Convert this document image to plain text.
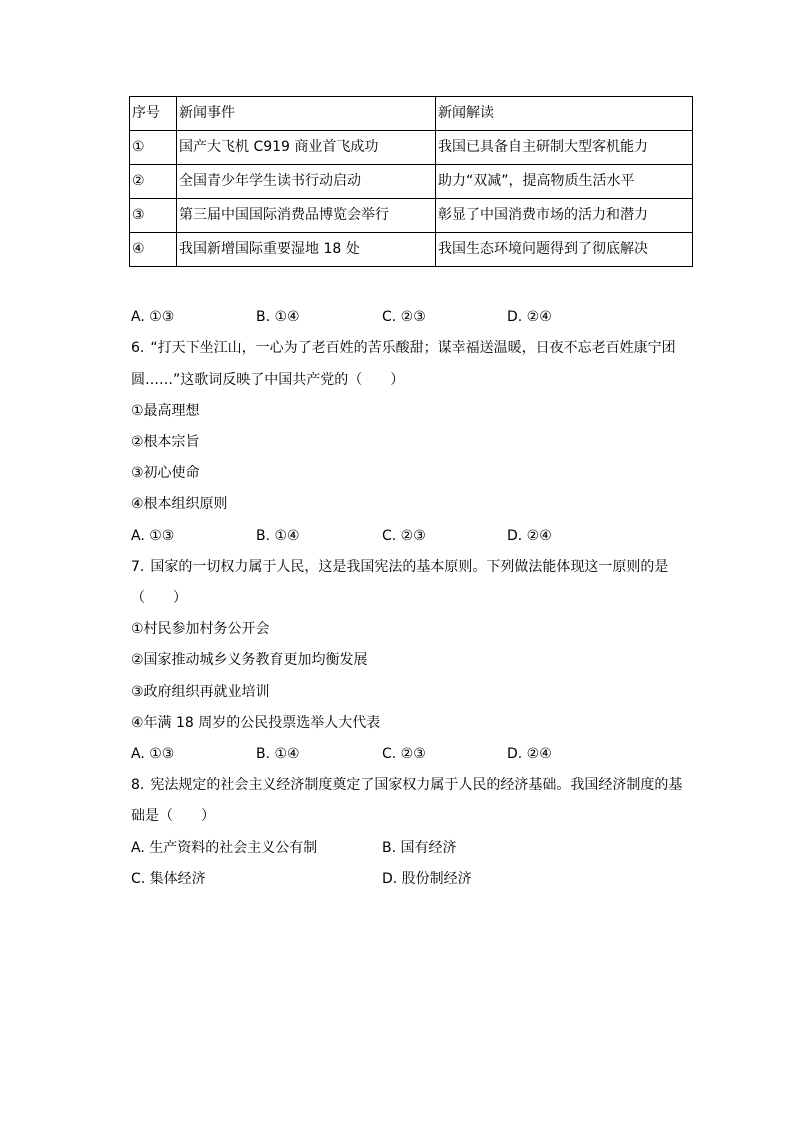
序号	新闻事件	新闻解读
①	国产大飞机 C919 商业首飞成功	我国已具备自主研制大型客机能力
②	全国青少年学生读书行动启动	助力“双减”，提高物质生活水平
③	第三届中国国际消费品博览会举行	彰显了中国消费市场的活力和潜力
④	我国新增国际重要湿地 18 处	我国生态环境问题得到了彻底解决
A. ①③	B. ①④	C. ②③	D. ②④
6. “打天下坐江山，一心为了老百姓的苦乐酸甜；谋幸福送温暖，日夜不忘老百姓康宁团
圆……”这歌词反映了中国共产党的（　　）
①最高理想
②根本宗旨
③初心使命
④根本组织原则
A. ①③	B. ①④	C. ②③	D. ②④
7. 国家的一切权力属于人民，这是我国宪法的基本原则。下列做法能体现这一原则的是
（　　）
①村民参加村务公开会
②国家推动城乡义务教育更加均衡发展
③政府组织再就业培训
④年满 18 周岁的公民投票选举人大代表
A. ①③	B. ①④	C. ②③	D. ②④
8. 宪法规定的社会主义经济制度奠定了国家权力属于人民的经济基础。我国经济制度的基
础是（　　）
A. 生产资料的社会主义公有制	B. 国有经济
C. 集体经济	D. 股份制经济
